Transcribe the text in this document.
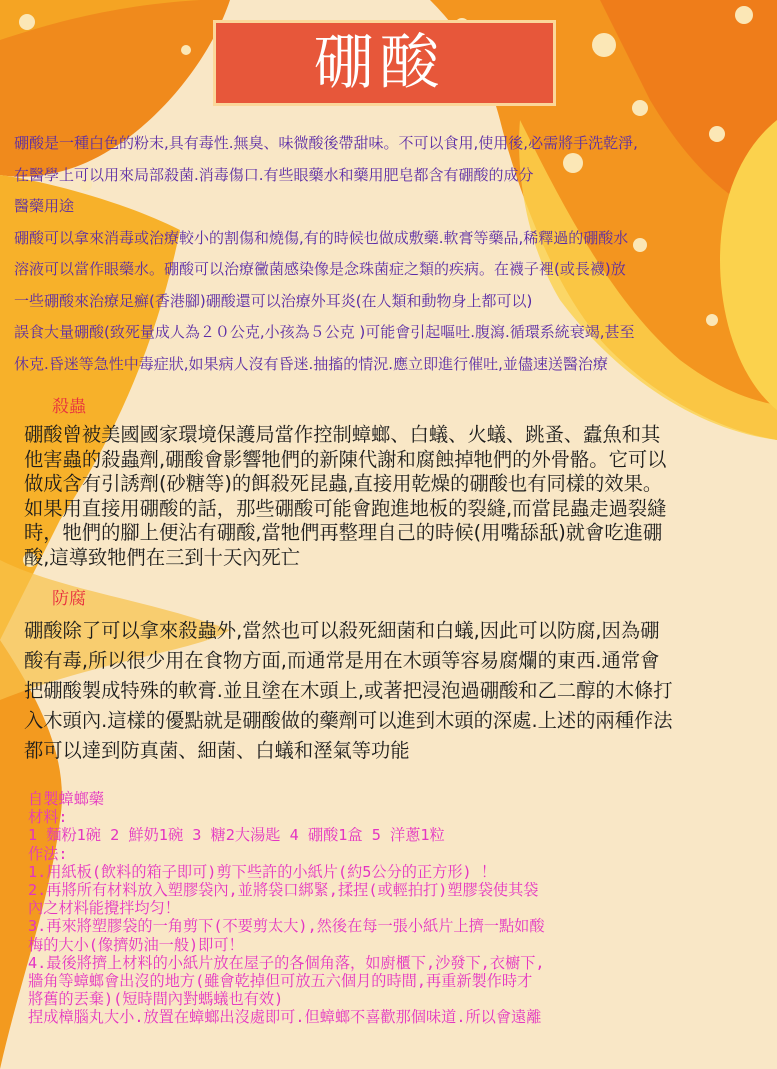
硼酸

硼酸是一種白色的粉末,具有毒性.無臭、味微酸後帶甜味。不可以食用,使用後,必需將手洗乾淨,

在醫學上可以用來局部殺菌.消毒傷口.有些眼藥水和藥用肥皂都含有硼酸的成分

醫藥用途

硼酸可以拿來消毒或治療較小的割傷和燒傷,有的時候也做成敷藥.軟膏等藥品,稀釋過的硼酸水

溶液可以當作眼藥水。硼酸可以治療黴菌感染像是念珠菌症之類的疾病。在襪子裡(或長襪)放

一些硼酸來治療足癬(香港腳)硼酸還可以治療外耳炎(在人類和動物身上都可以)

誤食大量硼酸(致死量成人為２０公克,小孩為５公克 )可能會引起嘔吐.腹瀉.循環系統衰竭,甚至

休克.昏迷等急性中毒症狀,如果病人沒有昏迷.抽搐的情況.應立即進行催吐,並儘速送醫治療

殺蟲

硼酸曾被美國國家環境保護局當作控制蟑螂、白蟻、火蟻、跳蚤、蠹魚和其

他害蟲的殺蟲劑,硼酸會影響牠們的新陳代謝和腐蝕掉牠們的外骨骼。它可以

做成含有引誘劑(砂糖等)的餌殺死昆蟲,直接用乾燥的硼酸也有同樣的效果。

如果用直接用硼酸的話，那些硼酸可能會跑進地板的裂縫,而當昆蟲走過裂縫

時，牠們的腳上便沾有硼酸,當牠們再整理自己的時候(用嘴舔舐)就會吃進硼

酸,這導致牠們在三到十天內死亡

防腐

硼酸除了可以拿來殺蟲外,當然也可以殺死細菌和白蟻,因此可以防腐,因為硼

酸有毒,所以很少用在食物方面,而通常是用在木頭等容易腐爛的東西.通常會

把硼酸製成特殊的軟膏.並且塗在木頭上,或著把浸泡過硼酸和乙二醇的木條打

入木頭內.這樣的優點就是硼酸做的藥劑可以進到木頭的深處.上述的兩種作法

都可以達到防真菌、細菌、白蟻和溼氣等功能

自製蟑螂藥

材料:

1 麵粉1碗 2 鮮奶1碗 3 糖2大湯匙 4 硼酸1盒 5 洋蔥1粒

作法:

1.用紙板(飲料的箱子即可)剪下些許的小紙片(約5公分的正方形) ！

2.再將所有材料放入塑膠袋內,並將袋口綁緊,揉捏(或輕拍打)塑膠袋使其袋

內之材料能攪拌均匀！

3.再來將塑膠袋的一角剪下(不要剪太大),然後在每一張小紙片上擠一點如酸

梅的大小(像擠奶油一般)即可！

4.最後將擠上材料的小紙片放在屋子的各個角落，如廚櫃下,沙發下,衣櫥下,

牆角等蟑螂會出沒的地方(雖會乾掉但可放五六個月的時間,再重新製作時才

將舊的丟棄)(短時間內對螞蟻也有效)

捏成樟腦丸大小.放置在蟑螂出沒處即可.但蟑螂不喜歡那個味道.所以會遠離
